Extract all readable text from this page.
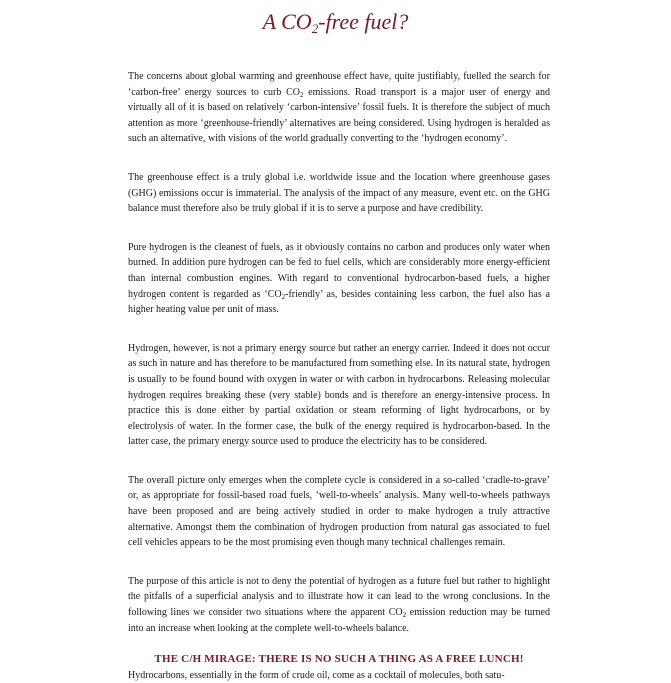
A $CO_2$-free fuel?

The concerns about global warming and greenhouse effect have, quite justifiably, fuelled the search for ‘carbon-free’ energy sources to curb $CO_2$ emissions. Road transport is a major user of energy and virtually all of it is based on relatively ‘carbon-intensive’ fossil fuels. It is therefore the subject of much attention as more ‘greenhouse-friendly’ alternatives are being considered. Using hydrogen is heralded as such an alternative, with visions of the world gradually converting to the ‘hydrogen economy’.

The greenhouse effect is a truly global i.e. worldwide issue and the location where greenhouse gases (GHG) emissions occur is immaterial. The analysis of the impact of any measure, event etc. on the GHG balance must therefore also be truly global if it is to serve a purpose and have credibility.

Pure hydrogen is the cleanest of fuels, as it obviously contains no carbon and produces only water when burned. In addition pure hydrogen can be fed to fuel cells, which are considerably more energy-efficient than internal combustion engines. With regard to conventional hydrocarbon-based fuels, a higher hydrogen content is regarded as ‘$CO_2$-friendly’ as, besides containing less carbon, the fuel also has a higher heating value per unit of mass.

Hydrogen, however, is not a primary energy source but rather an energy carrier. Indeed it does not occur as such in nature and has therefore to be manufactured from something else. In its natural state, hydrogen is usually to be found bound with oxygen in water or with carbon in hydrocarbons. Releasing molecular hydrogen requires breaking these (very stable) bonds and is therefore an energy-intensive process. In practice this is done either by partial oxidation or steam reforming of light hydrocarbons, or by electrolysis of water. In the former case, the bulk of the energy required is hydrocarbon-based. In the latter case, the primary energy source used to produce the electricity has to be considered.

The overall picture only emerges when the complete cycle is considered in a so-called ‘cradle-to-grave’ or, as appropriate for fossil-based road fuels, ‘well-to-wheels’ analysis. Many well-to-wheels pathways have been proposed and are being actively studied in order to make hydrogen a truly attractive alternative. Amongst them the combination of hydrogen production from natural gas associated to fuel cell vehicles appears to be the most promising even though many technical challenges remain.

The purpose of this article is not to deny the potential of hydrogen as a future fuel but rather to highlight the pitfalls of a superficial analysis and to illustrate how it can lead to the wrong conclusions. In the following lines we consider two situations where the apparent $CO_2$ emission reduction may be turned into an increase when looking at the complete well-to-wheels balance.

THE C/H MIRAGE: THERE IS NO SUCH A THING AS A FREE LUNCH!
Hydrocarbons, essentially in the form of crude oil, come as a cocktail of molecules, both satu-
